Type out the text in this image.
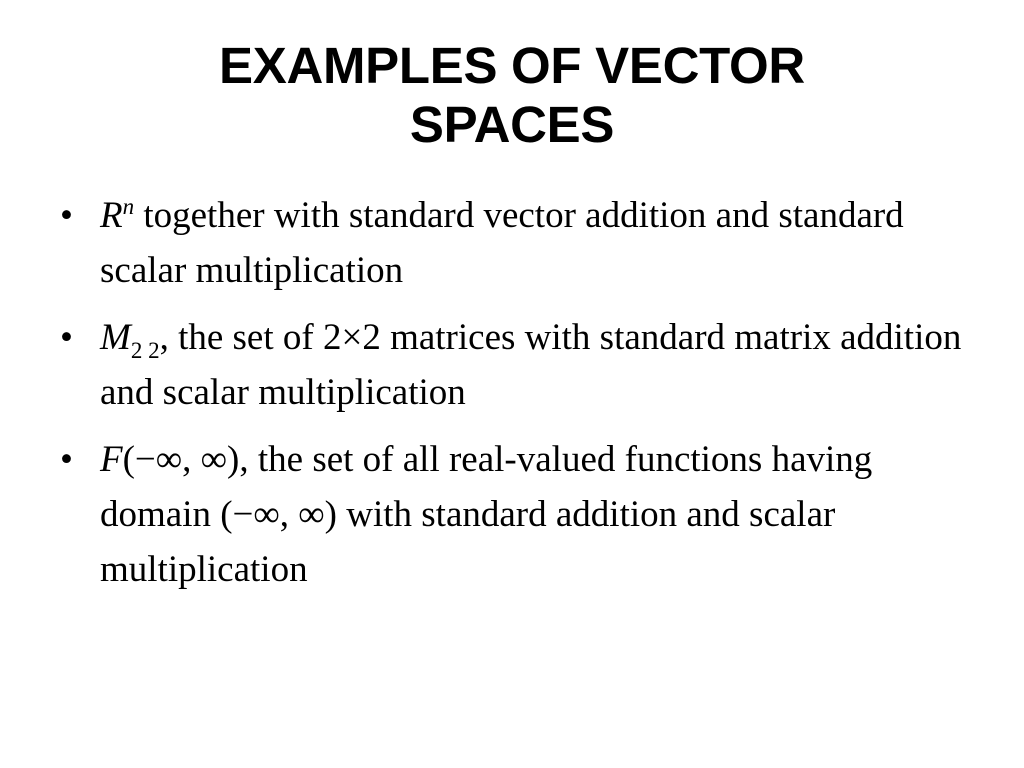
EXAMPLES OF VECTOR
SPACES
• $R^n$ together with standard vector addition and standard scalar multiplication
• $M_{2 2}$, the set of 2×2 matrices with standard matrix addition and scalar multiplication
• F(−∞, ∞), the set of all real-valued functions having domain (−∞, ∞) with standard addition and scalar multiplication
